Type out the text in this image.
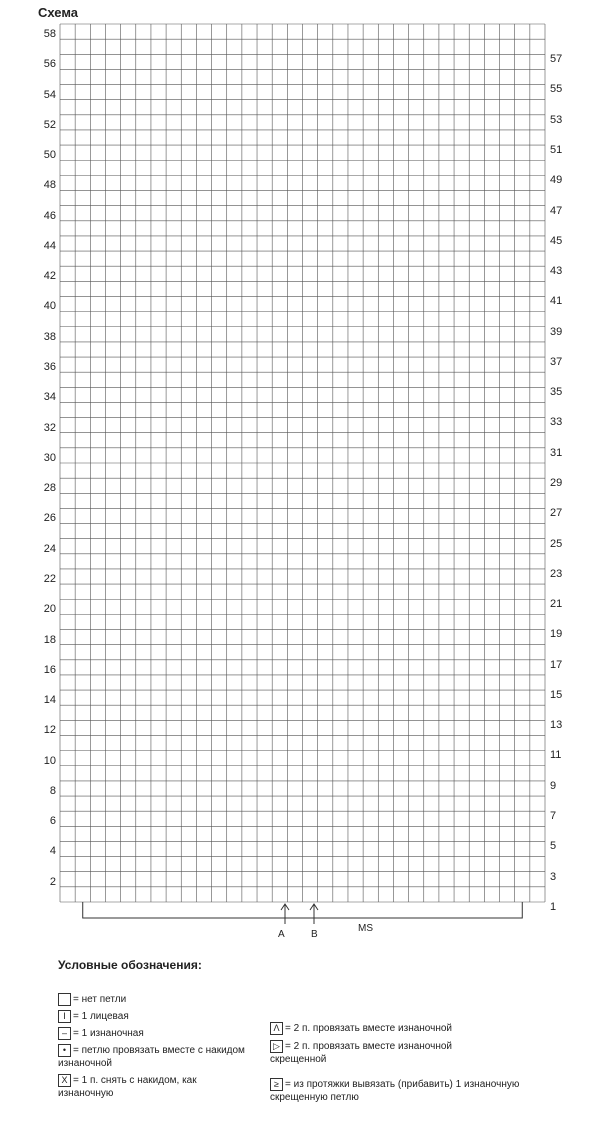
Схема
58
56
54
52
50
48
46
44
42
40
38
36
34
32
30
28
26
24
22
20
18
16
14
12
10
8
6
4
2
57
55
53
51
49
47
45
43
41
39
37
35
33
31
29
27
25
23
21
19
17
15
13
11
9
7
5
3
1
A	B
MS
Условные обозначения:
= нет петли
I = 1 лицевая
– = 1 изнаночная
• = петлю провязать вместе с накидом изнаночной
X = 1 п. снять с накидом, как изнаночную
Λ = 2 п. провязать вместе изнаночной
▷ = 2 п. провязать вместе изнаночной скрещенной
≥ = из протяжки вывязать (прибавить) 1 изнаночную скрещенную петлю
